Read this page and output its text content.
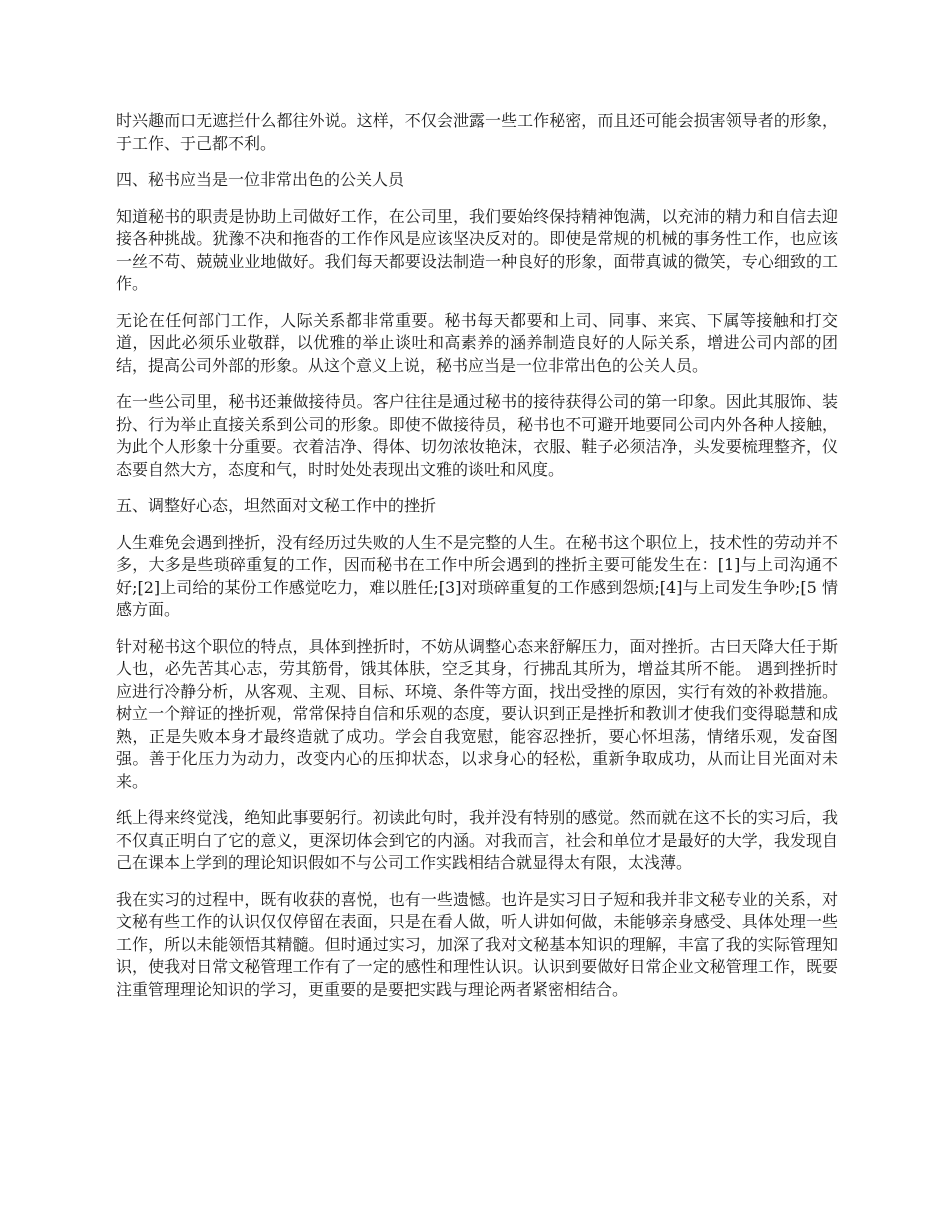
时兴趣而口无遮拦什么都往外说。这样，不仅会泄露一些工作秘密，而且还可能会损害领导者的形象，于工作、于己都不利。

四、秘书应当是一位非常出色的公关人员

知道秘书的职责是协助上司做好工作，在公司里，我们要始终保持精神饱满，以充沛的精力和自信去迎接各种挑战。犹豫不决和拖沓的工作作风是应该坚决反对的。即使是常规的机械的事务性工作，也应该一丝不苟、兢兢业业地做好。我们每天都要设法制造一种良好的形象，面带真诚的微笑，专心细致的工作。

无论在任何部门工作，人际关系都非常重要。秘书每天都要和上司、同事、来宾、下属等接触和打交道，因此必须乐业敬群，以优雅的举止谈吐和高素养的涵养制造良好的人际关系，增进公司内部的团结，提高公司外部的形象。从这个意义上说，秘书应当是一位非常出色的公关人员。

在一些公司里，秘书还兼做接待员。客户往往是通过秘书的接待获得公司的第一印象。因此其服饰、装扮、行为举止直接关系到公司的形象。即使不做接待员，秘书也不可避开地要同公司内外各种人接触，为此个人形象十分重要。衣着洁净、得体、切勿浓妆艳沫，衣服、鞋子必须洁净，头发要梳理整齐，仪态要自然大方，态度和气，时时处处表现出文雅的谈吐和风度。

五、调整好心态，坦然面对文秘工作中的挫折

人生难免会遇到挫折，没有经历过失败的人生不是完整的人生。在秘书这个职位上，技术性的劳动并不多，大多是些琐碎重复的工作，因而秘书在工作中所会遇到的挫折主要可能发生在：[1]与上司沟通不好;[2]上司给的某份工作感觉吃力，难以胜任;[3]对琐碎重复的工作感到怨烦;[4]与上司发生争吵;[5 情感方面。

针对秘书这个职位的特点，具体到挫折时，不妨从调整心态来舒解压力，面对挫折。古曰天降大任于斯人也，必先苦其心志，劳其筋骨，饿其体肤，空乏其身，行拂乱其所为，增益其所不能。 遇到挫折时应进行冷静分析，从客观、主观、目标、环境、条件等方面，找出受挫的原因，实行有效的补救措施。树立一个辩证的挫折观，常常保持自信和乐观的态度，要认识到正是挫折和教训才使我们变得聪慧和成熟，正是失败本身才最终造就了成功。学会自我宽慰，能容忍挫折，要心怀坦荡，情绪乐观，发奋图强。善于化压力为动力，改变内心的压抑状态，以求身心的轻松，重新争取成功，从而让目光面对未来。

纸上得来终觉浅，绝知此事要躬行。初读此句时，我并没有特别的感觉。然而就在这不长的实习后，我不仅真正明白了它的意义，更深切体会到它的内涵。对我而言，社会和单位才是最好的大学，我发现自己在课本上学到的理论知识假如不与公司工作实践相结合就显得太有限，太浅薄。

我在实习的过程中，既有收获的喜悦，也有一些遗憾。也许是实习日子短和我并非文秘专业的关系，对文秘有些工作的认识仅仅停留在表面，只是在看人做，听人讲如何做，未能够亲身感受、具体处理一些工作，所以未能领悟其精髓。但时通过实习，加深了我对文秘基本知识的理解，丰富了我的实际管理知识，使我对日常文秘管理工作有了一定的感性和理性认识。认识到要做好日常企业文秘管理工作，既要注重管理理论知识的学习，更重要的是要把实践与理论两者紧密相结合。
